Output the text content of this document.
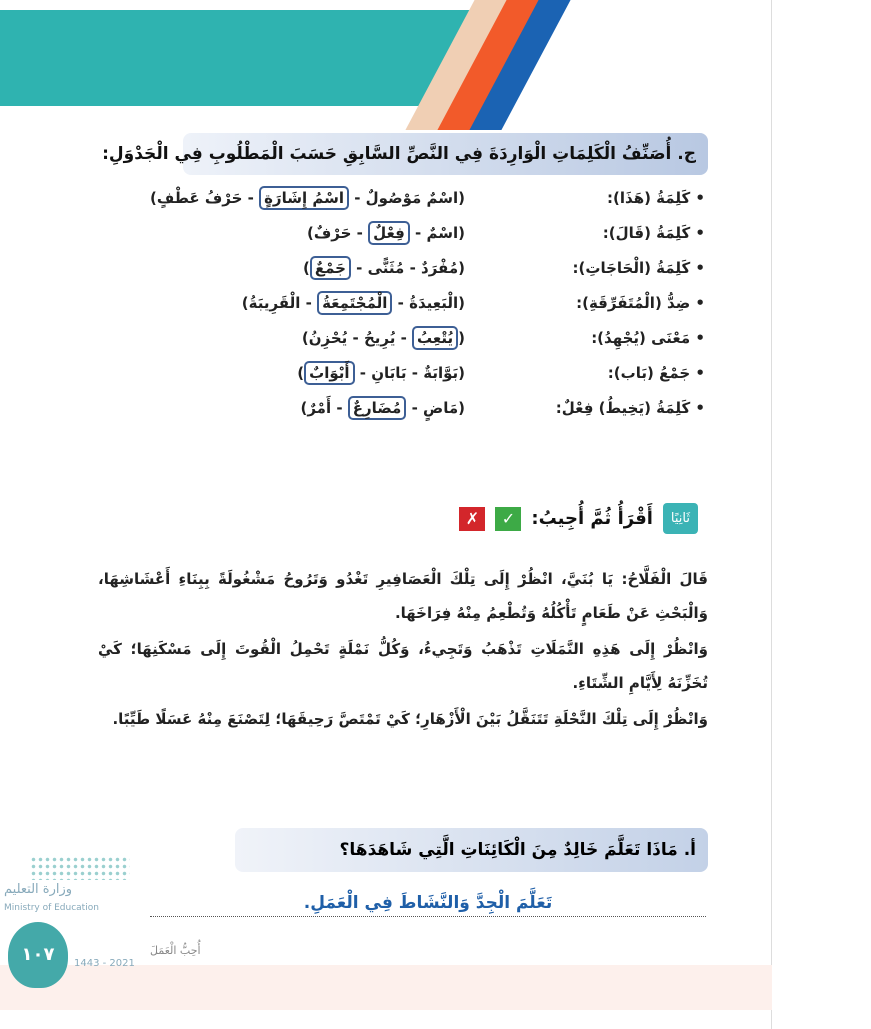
ج. أُصَنِّفُ الْكَلِمَاتِ الْوَارِدَةَ فِي النَّصِّ السَّابِقِ حَسَبَ الْمَطْلُوبِ فِي الْجَدْوَلِ:
• كَلِمَةُ (هَذَا):
(اسْمٌ مَوْصُولٌ - اسْمُ إِشَارَةٍ - حَرْفُ عَطْفٍ)
• كَلِمَةُ (قَالَ):
(اسْمٌ - فِعْلٌ - حَرْفٌ)
• كَلِمَةُ (الْحَاجَاتِ):
(مُفْرَدٌ - مُثَنًّى - جَمْعٌ)
• ضِدُّ (الْمُتَفَرِّقَةِ):
(الْبَعِيدَةُ - الْمُجْتَمِعَةُ - الْقَرِيبَةُ)
• مَعْنَى (يُجْهِدُ):
(يُتْعِبُ - يُرِيحُ - يُحْزِنُ)
• جَمْعُ (بَاب):
(بَوَّابَةٌ - بَابَانِ - أَبْوَابٌ)
• كَلِمَةُ (يَخِيطُ) فِعْلٌ:
(مَاضٍ - مُضَارِعٌ - أَمْرٌ)
ثَانِيًا
أَقْرَأُ ثُمَّ أُجِيبُ:
✓
✗

قَالَ الْفَلَّاحُ: يَا بُنَيَّ، انْظُرْ إِلَى تِلْكَ الْعَصَافِيرِ تَغْدُو وَتَرُوحُ مَشْغُولَةً بِبِنَاءِ أَعْشَاشِهَا، وَالْبَحْثِ عَنْ طَعَامٍ تَأْكُلُهُ وَتُطْعِمُ مِنْهُ فِرَاخَهَا.

وَانْظُرْ إِلَى هَذِهِ النَّمَلَاتِ تَذْهَبُ وَتَجِيءُ، وَكُلُّ نَمْلَةٍ تَحْمِلُ الْقُوتَ إِلَى مَسْكَنِهَا؛ كَيْ تُخَزِّنَهُ لِأَيَّامِ الشِّتَاءِ.

وَانْظُرْ إِلَى تِلْكَ النَّحْلَةِ تَتَنَقَّلُ بَيْنَ الْأَزْهَارِ؛ كَيْ تَمْتَصَّ رَحِيقَهَا؛ لِتَصْنَعَ مِنْهُ عَسَلًا طَيِّبًا.

أ. مَاذَا تَعَلَّمَ خَالِدٌ مِنَ الْكَائِنَاتِ الَّتِي شَاهَدَهَا؟
تَعَلَّمَ الْجِدَّ وَالنَّشَاطَ فِي الْعَمَلِ.
وزارة التعليم
Ministry of Education
١٠٧	1443 - 2021
أُحِبُّ الْعَمَلَ
